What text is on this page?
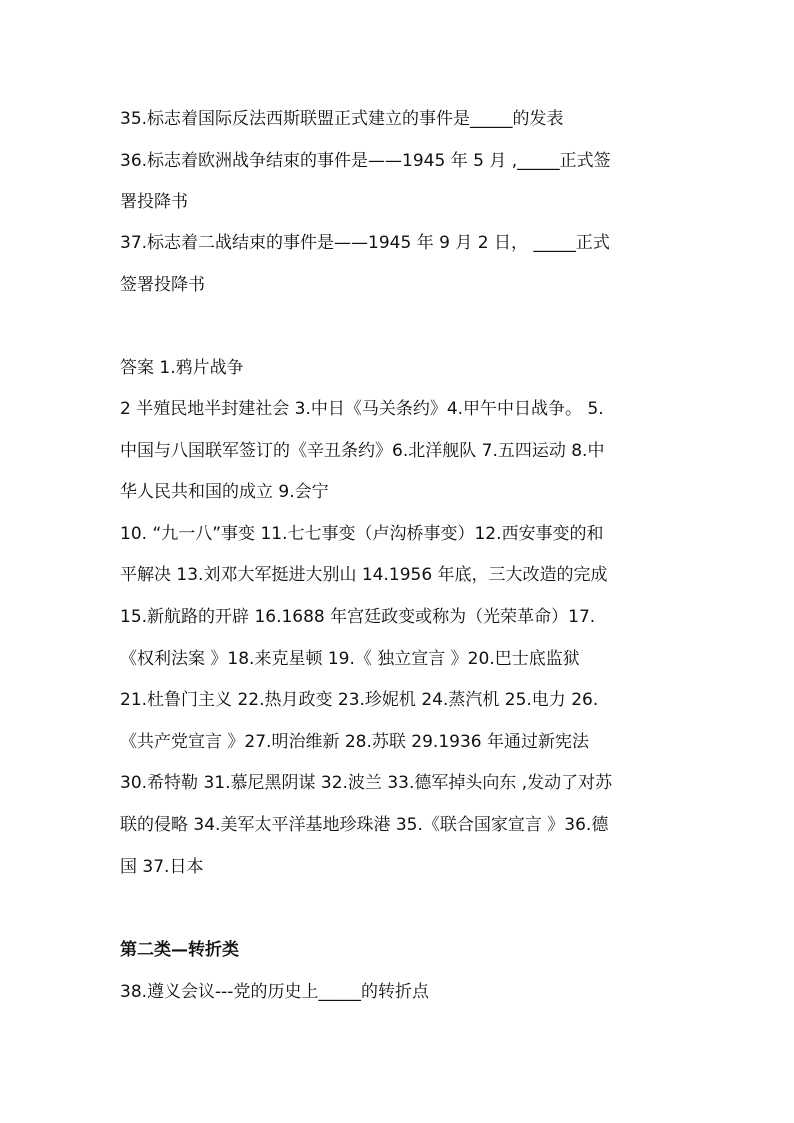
35.标志着国际反法西斯联盟正式建立的事件是_____的发表
36.标志着欧洲战争结束的事件是——1945 年 5 月 ,_____正式签
署投降书
37.标志着二战结束的事件是——1945 年 9 月 2 日， _____正式
签署投降书
答案 1.鸦片战争
2 半殖民地半封建社会 3.中日《马关条约》4.甲午中日战争。 5.
中国与八国联军签订的《辛丑条约》6.北洋舰队 7.五四运动 8.中
华人民共和国的成立 9.会宁
10. “九一八”事变 11.七七事变（卢沟桥事变）12.西安事变的和
平解决 13.刘邓大军挺进大别山 14.1956 年底，三大改造的完成
15.新航路的开辟 16.1688 年宫廷政变或称为（光荣革命）17.
《权利法案 》18.来克星顿 19.《 独立宣言 》20.巴士底监狱
21.杜鲁门主义 22.热月政变 23.珍妮机 24.蒸汽机 25.电力 26.
《共产党宣言 》27.明治维新 28.苏联 29.1936 年通过新宪法
30.希特勒 31.慕尼黑阴谋 32.波兰 33.德军掉头向东 ,发动了对苏
联的侵略 34.美军太平洋基地珍珠港 35.《联合国家宣言 》36.德
国 37.日本
第二类—转折类
38.遵义会议---党的历史上_____的转折点
